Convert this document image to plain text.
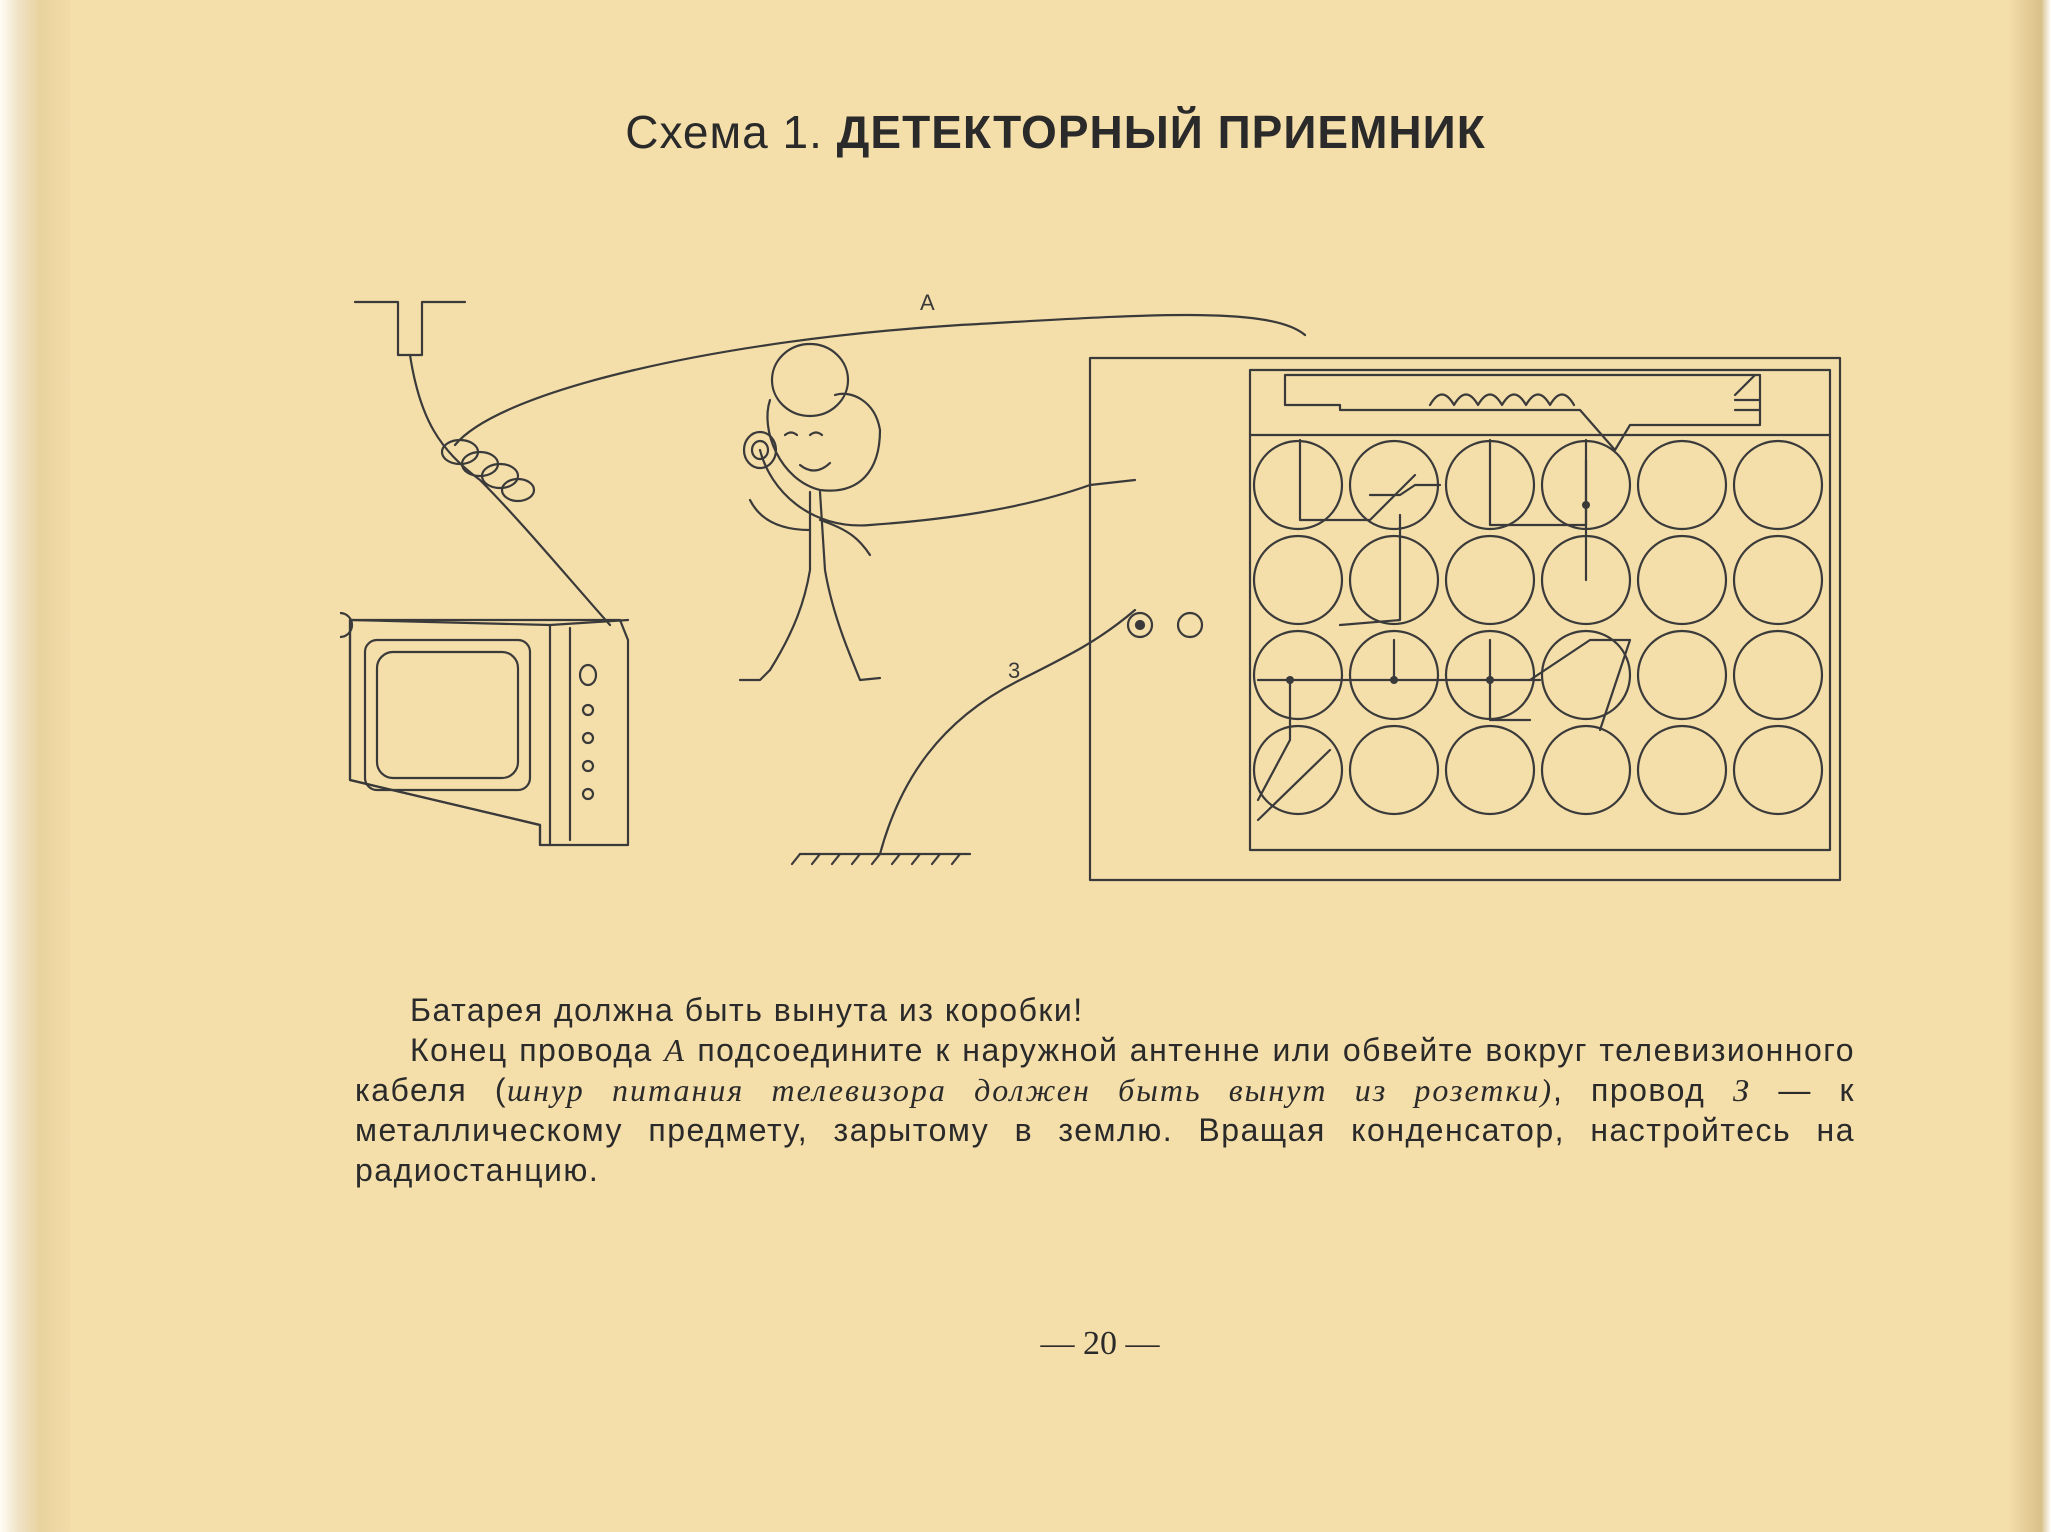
Схема 1. ДЕТЕКТОРНЫЙ ПРИЕМНИК
А
3

Батарея должна быть вынута из коробки!

Конец провода А подсоедините к наружной антенне или обвейте вокруг телевизионного кабеля (шнур питания телевизора должен быть вынут из розетки), провод З — к металлическому предмету, зарытому в землю. Вращая конденсатор, настройтесь на радиостанцию.

— 20 —
